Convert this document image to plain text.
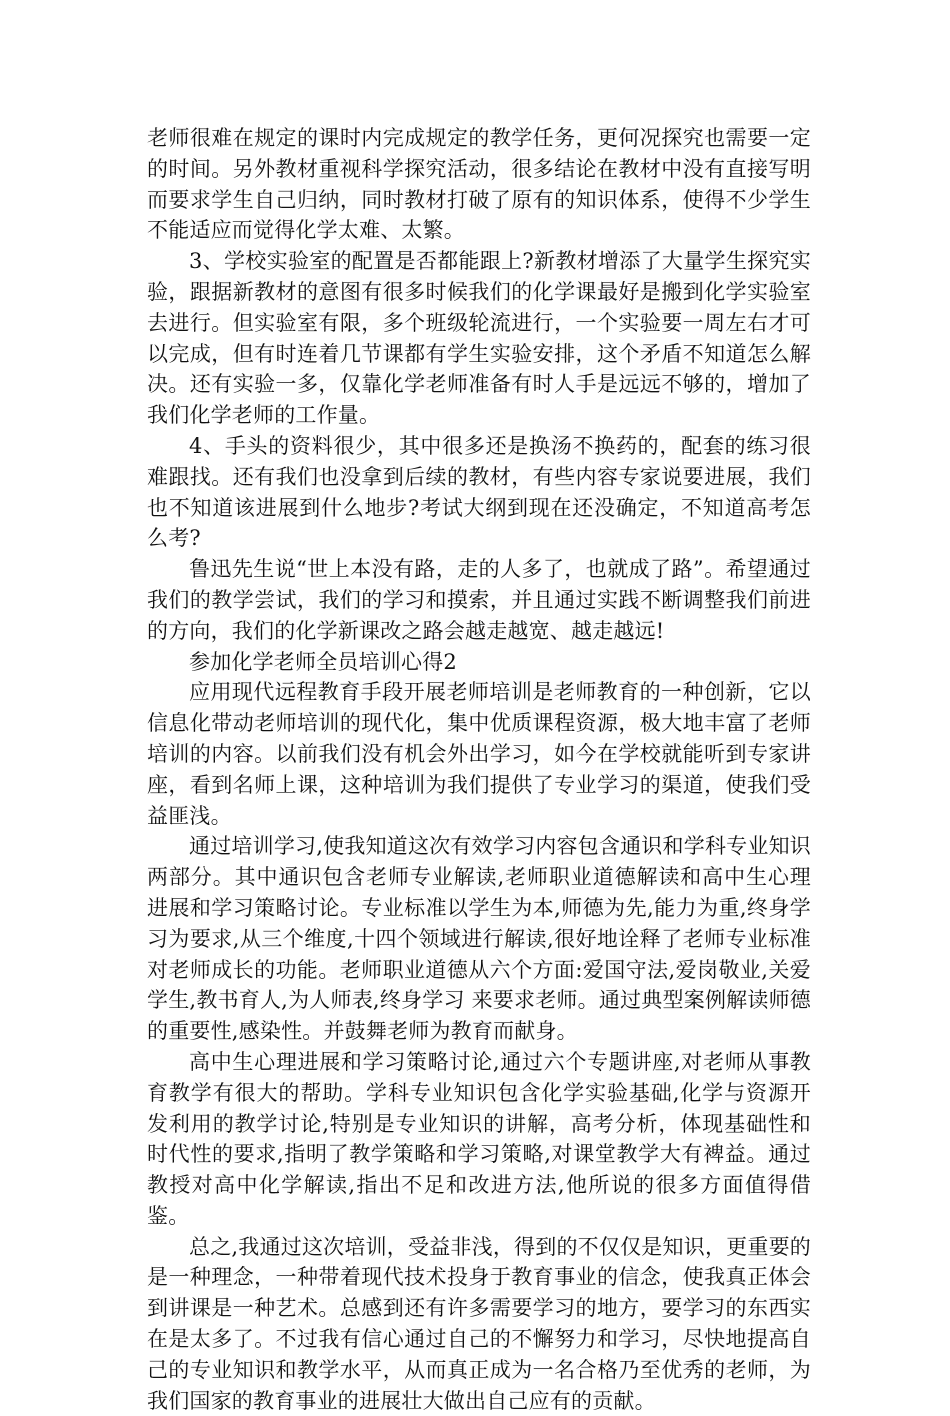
老师很难在规定的课时内完成规定的教学任务，更何况探究也需要一定的时间。另外教材重视科学探究活动，很多结论在教材中没有直接写明而要求学生自己归纳，同时教材打破了原有的知识体系，使得不少学生不能适应而觉得化学太难、太繁。

3、学校实验室的配置是否都能跟上?新教材增添了大量学生探究实验，跟据新教材的意图有很多时候我们的化学课最好是搬到化学实验室去进行。但实验室有限，多个班级轮流进行，一个实验要一周左右才可以完成，但有时连着几节课都有学生实验安排，这个矛盾不知道怎么解决。还有实验一多，仅靠化学老师准备有时人手是远远不够的，增加了我们化学老师的工作量。

4、手头的资料很少，其中很多还是换汤不换药的，配套的练习很难跟找。还有我们也没拿到后续的教材，有些内容专家说要进展，我们也不知道该进展到什么地步?考试大纲到现在还没确定，不知道高考怎么考?

鲁迅先生说“世上本没有路，走的人多了，也就成了路”。希望通过我们的教学尝试，我们的学习和摸索，并且通过实践不断调整我们前进的方向，我们的化学新课改之路会越走越宽、越走越远!

参加化学老师全员培训心得2

应用现代远程教育手段开展老师培训是老师教育的一种创新，它以信息化带动老师培训的现代化，集中优质课程资源，极大地丰富了老师培训的内容。以前我们没有机会外出学习，如今在学校就能听到专家讲座，看到名师上课，这种培训为我们提供了专业学习的渠道，使我们受益匪浅。

通过培训学习,使我知道这次有效学习内容包含通识和学科专业知识两部分。其中通识包含老师专业解读,老师职业道德解读和高中生心理进展和学习策略讨论。专业标准以学生为本,师德为先,能力为重,终身学习为要求,从三个维度,十四个领域进行解读,很好地诠释了老师专业标准对老师成长的功能。老师职业道德从六个方面:爱国守法,爱岗敬业,关爱学生,教书育人,为人师表,终身学习 来要求老师。通过典型案例解读师德的重要性,感染性。并鼓舞老师为教育而献身。

高中生心理进展和学习策略讨论,通过六个专题讲座,对老师从事教育教学有很大的帮助。学科专业知识包含化学实验基础,化学与资源开发利用的教学讨论,特别是专业知识的讲解，高考分析，体现基础性和时代性的要求,指明了教学策略和学习策略,对课堂教学大有裨益。通过教授对高中化学解读,指出不足和改进方法,他所说的很多方面值得借鉴。

总之,我通过这次培训，受益非浅，得到的不仅仅是知识，更重要的是一种理念，一种带着现代技术投身于教育事业的信念，使我真正体会到讲课是一种艺术。总感到还有许多需要学习的地方，要学习的东西实在是太多了。不过我有信心通过自己的不懈努力和学习，尽快地提高自己的专业知识和教学水平，从而真正成为一名合格乃至优秀的老师，为我们国家的教育事业的进展壮大做出自己应有的贡献。
